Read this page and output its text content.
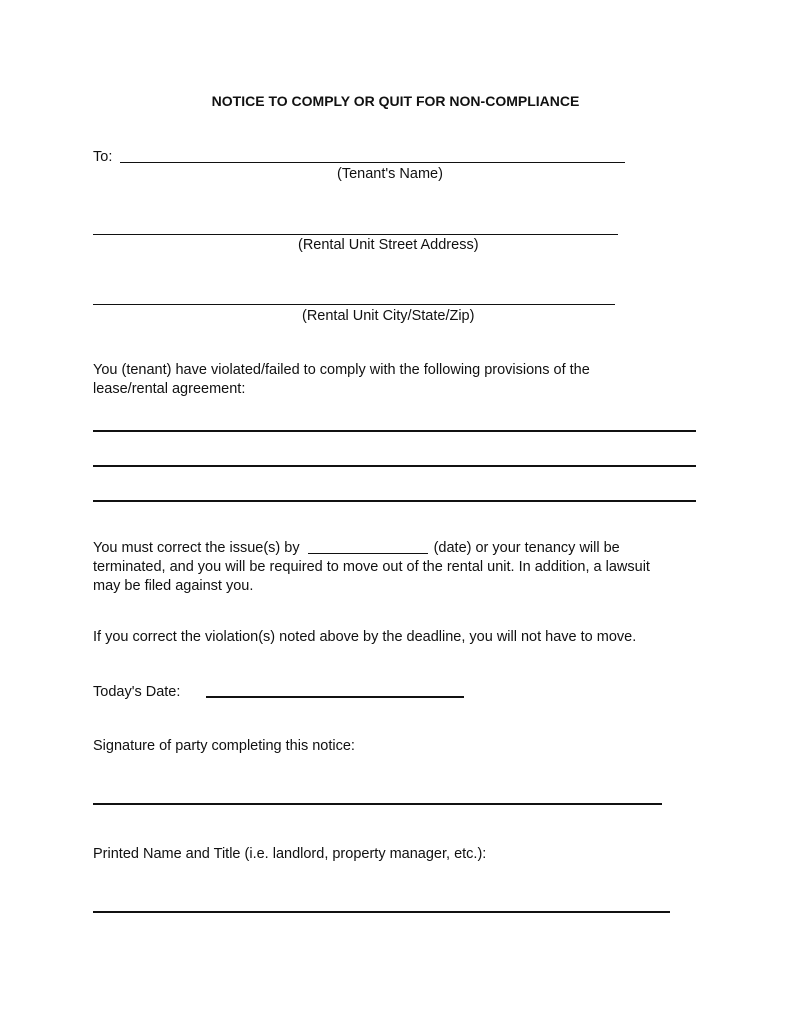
NOTICE TO COMPLY OR QUIT FOR NON-COMPLIANCE
To:
(Tenant's Name)
(Rental Unit Street Address)
(Rental Unit City/State/Zip)
You (tenant) have violated/failed to comply with the following provisions of the
lease/rental agreement:
You must correct the issue(s) by	(date) or your tenancy will be
terminated, and you will be required to move out of the rental unit. In addition, a lawsuit
may be filed against you.
If you correct the violation(s) noted above by the deadline, you will not have to move.
Today's Date:
Signature of party completing this notice:
Printed Name and Title (i.e. landlord, property manager, etc.):
